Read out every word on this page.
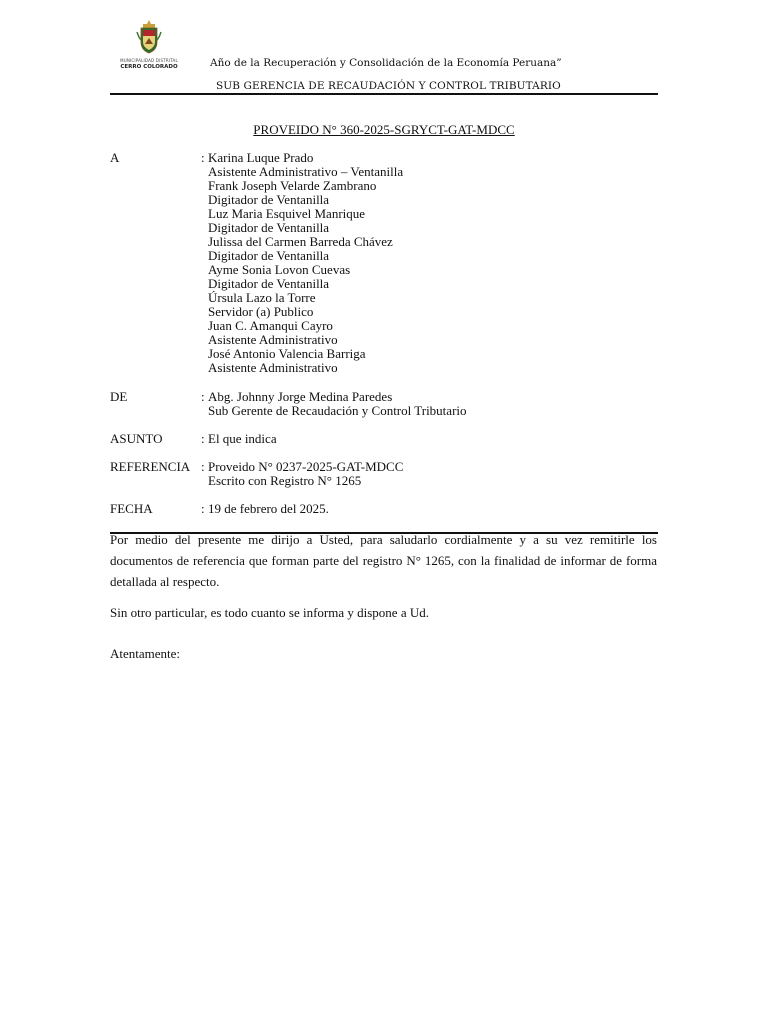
MUNICIPALIDAD DISTRITAL
CERRO COLORADO	Año de la Recuperación y Consolidación de la Economía Peruana”
SUB GERENCIA DE RECAUDACIÓN Y CONTROL TRIBUTARIO
PROVEIDO N° 360-2025-SGRYCT-GAT-MDCC
A	: Karina Luque Prado
Asistente Administrativo – Ventanilla
Frank Joseph Velarde Zambrano
Digitador de Ventanilla
Luz Maria Esquivel Manrique
Digitador de Ventanilla
Julissa del Carmen Barreda Chávez
Digitador de Ventanilla
Ayme Sonia Lovon Cuevas
Digitador de Ventanilla
Úrsula Lazo la Torre
Servidor (a) Publico
Juan C. Amanqui Cayro
Asistente Administrativo
José Antonio Valencia Barriga
Asistente Administrativo
DE	: Abg. Johnny Jorge Medina Paredes
Sub Gerente de Recaudación y Control Tributario
ASUNTO	: El que indica
REFERENCIA : Proveido N° 0237-2025-GAT-MDCC
Escrito con Registro N° 1265
FECHA	: 19 de febrero del 2025.
Por medio del presente me dirijo a Usted, para saludarlo cordialmente y a su vez remitirle los documentos de referencia que forman parte del registro N° 1265, con la finalidad de informar de forma detallada al respecto.
Sin otro particular, es todo cuanto se informa y dispone a Ud.
Atentamente:
